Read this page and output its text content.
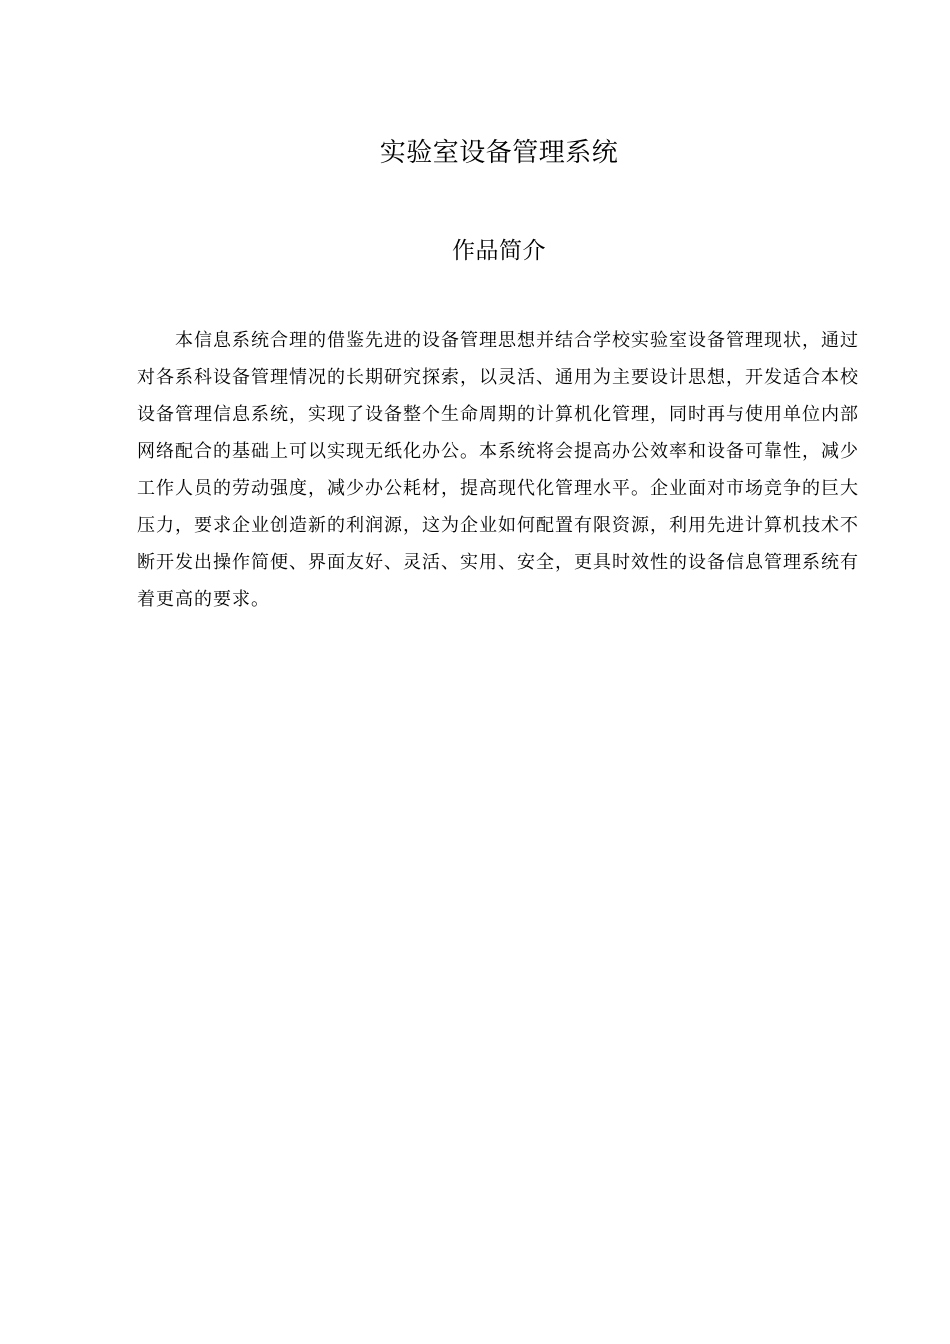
实验室设备管理系统
作品简介

本信息系统合理的借鉴先进的设备管理思想并结合学校实验室设备管理现状，通过对各系科设备管理情况的长期研究探索，以灵活、通用为主要设计思想，开发适合本校设备管理信息系统，实现了设备整个生命周期的计算机化管理，同时再与使用单位内部网络配合的基础上可以实现无纸化办公。本系统将会提高办公效率和设备可靠性，减少工作人员的劳动强度，减少办公耗材，提高现代化管理水平。企业面对市场竞争的巨大压力，要求企业创造新的利润源，这为企业如何配置有限资源，利用先进计算机技术不断开发出操作简便、界面友好、灵活、实用、安全，更具时效性的设备信息管理系统有着更高的要求。
